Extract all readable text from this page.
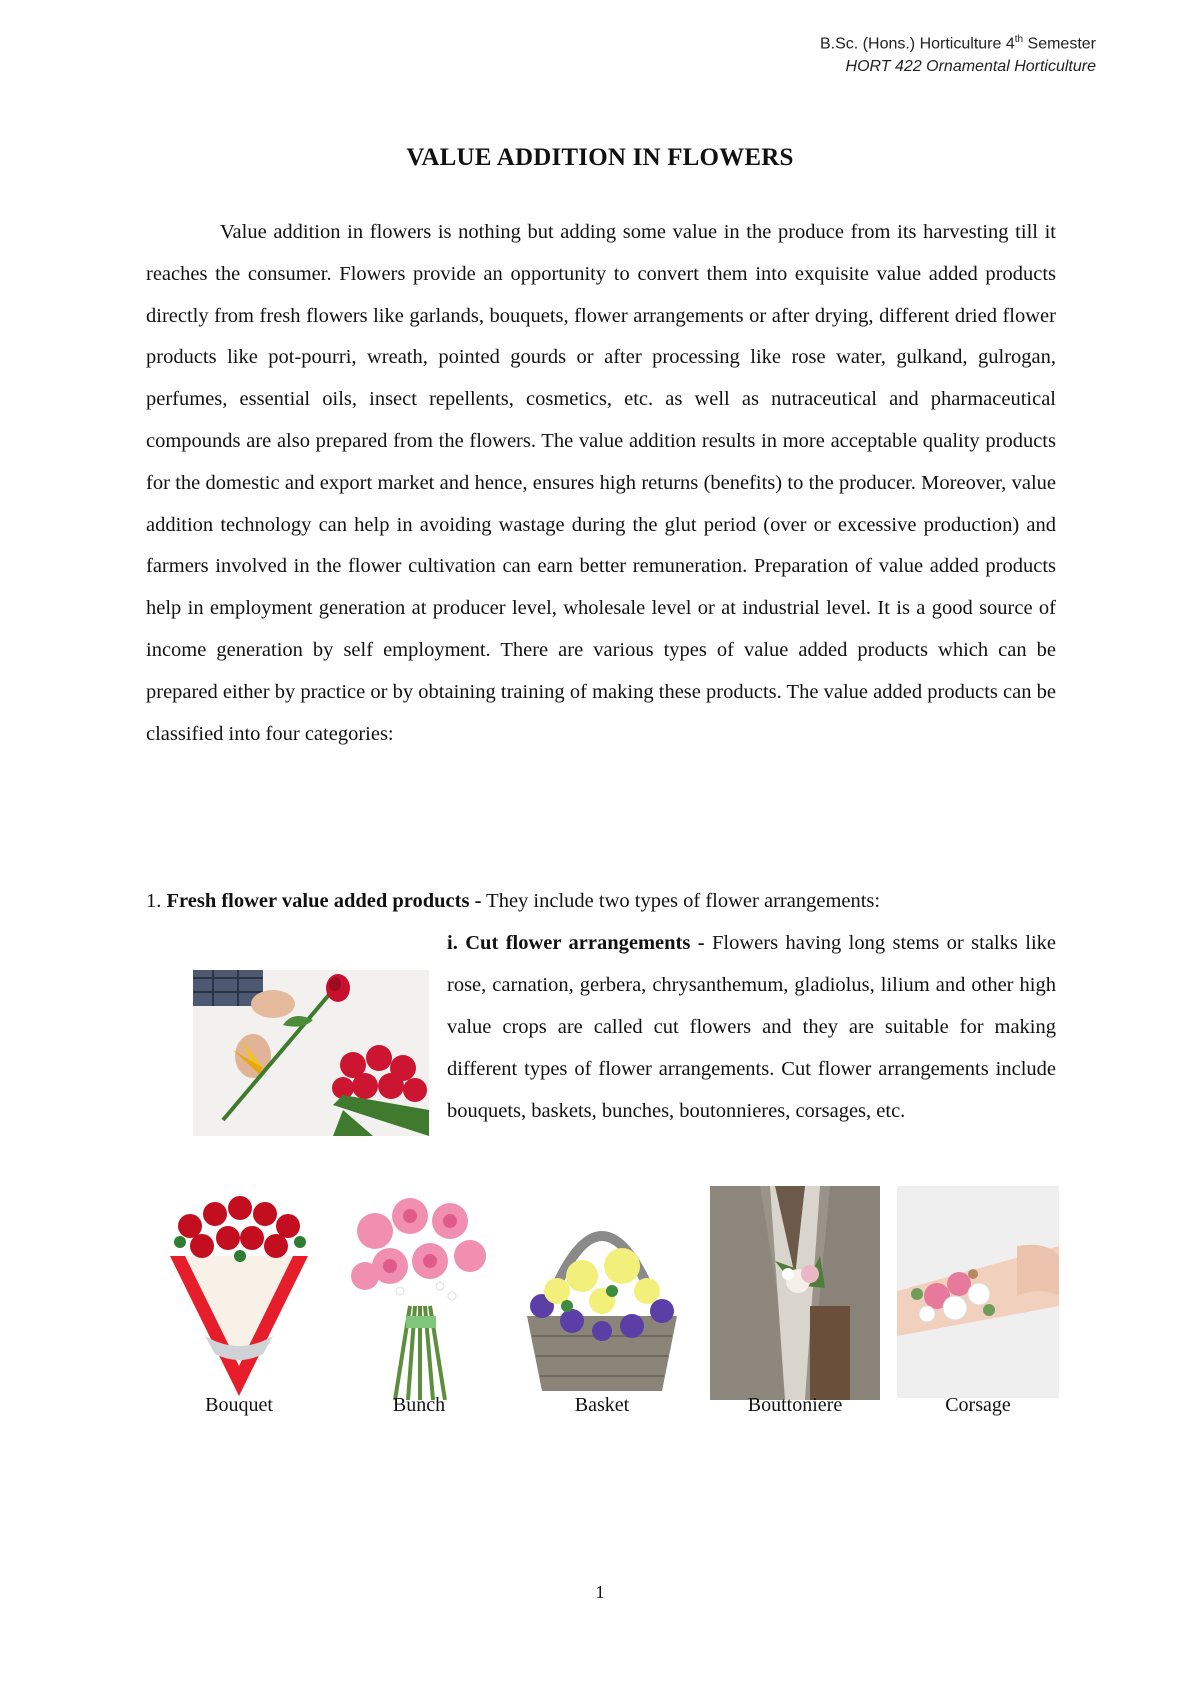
B.Sc. (Hons.) Horticulture 4th Semester
HORT 422 Ornamental Horticulture
VALUE ADDITION IN FLOWERS

Value addition in flowers is nothing but adding some value in the produce from its harvesting till it reaches the consumer. Flowers provide an opportunity to convert them into exquisite value added products directly from fresh flowers like garlands, bouquets, flower arrangements or after drying, different dried flower products like pot-pourri, wreath, pointed gourds or after processing like rose water, gulkand, gulrogan, perfumes, essential oils, insect repellents, cosmetics, etc. as well as nutraceutical and pharmaceutical compounds are also prepared from the flowers. The value addition results in more acceptable quality products for the domestic and export market and hence, ensures high returns (benefits) to the producer. Moreover, value addition technology can help in avoiding wastage during the glut period (over or excessive production) and farmers involved in the flower cultivation can earn better remuneration. Preparation of value added products help in employment generation at producer level, wholesale level or at industrial level. It is a good source of income generation by self employment. There are various types of value added products which can be prepared either by practice or by obtaining training of making these products. The value added products can be classified into four categories:

1. Fresh flower value added products - They include two types of flower arrangements:

i. Cut flower arrangements - Flowers having long stems or stalks like rose, carnation, gerbera, chrysanthemum, gladiolus, lilium and other high value crops are called cut flowers and they are suitable for making different types of flower arrangements. Cut flower arrangements include bouquets, baskets, bunches, boutonnieres, corsages, etc.
Bouquet	Bunch	Basket	Bouttoniere	Corsage
1
